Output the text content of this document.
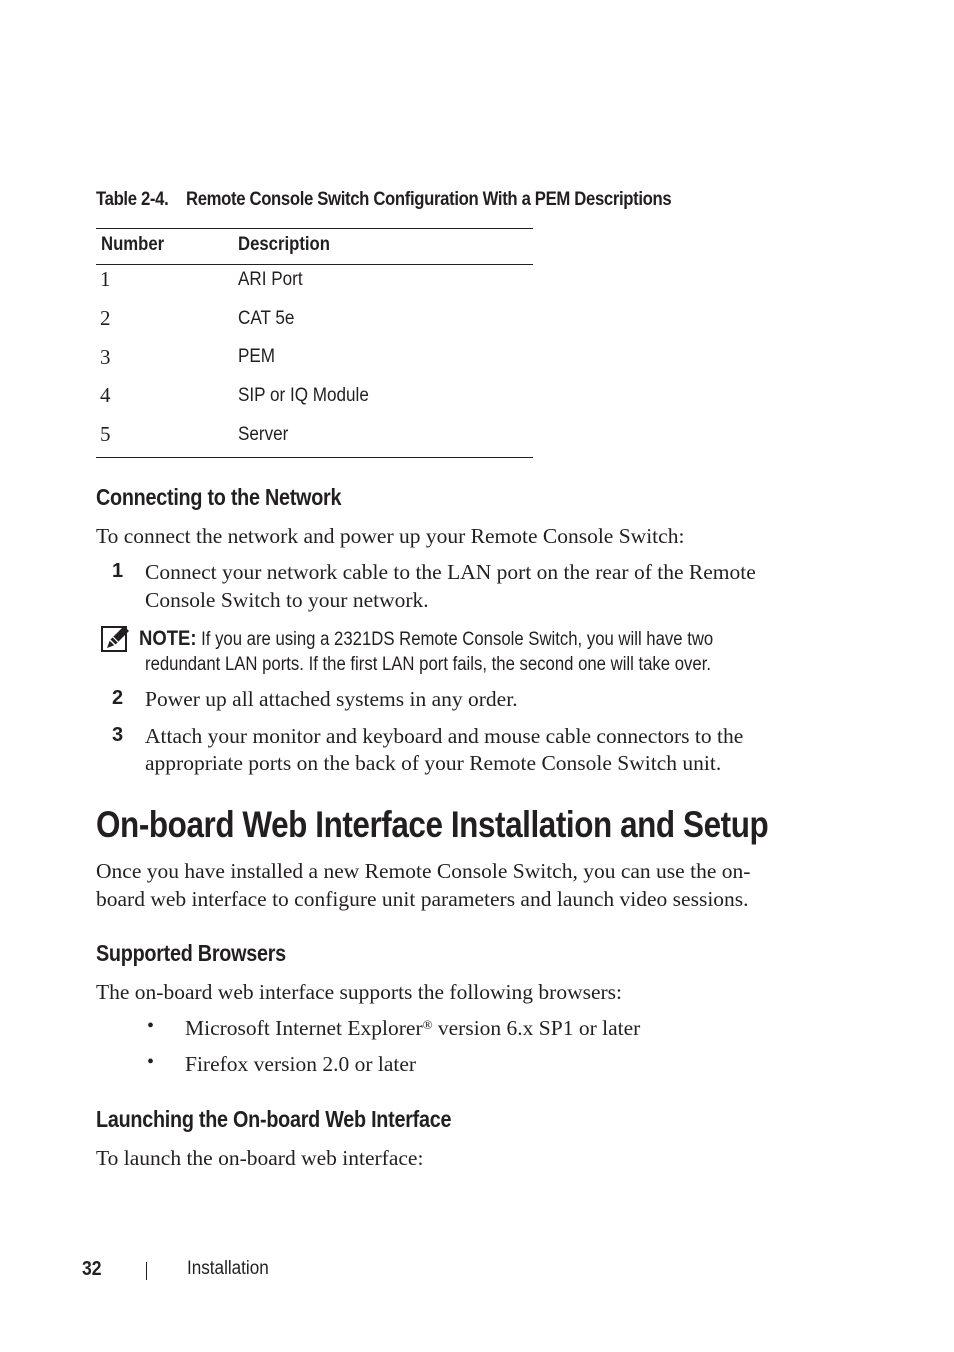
Table 2-4. Remote Console Switch Configuration With a PEM Descriptions
Number	Description
1	ARI Port
2	CAT 5e
3	PEM
4	SIP or IQ Module
5	Server
Connecting to the Network
To connect the network and power up your Remote Console Switch:
1 Connect your network cable to the LAN port on the rear of the Remote
Console Switch to your network.
NOTE: If you are using a 2321DS Remote Console Switch, you will have two
redundant LAN ports. If the first LAN port fails, the second one will take over.
2 Power up all attached systems in any order.
3 Attach your monitor and keyboard and mouse cable connectors to the
appropriate ports on the back of your Remote Console Switch unit.
On-board Web Interface Installation and Setup
Once you have installed a new Remote Console Switch, you can use the on-
board web interface to configure unit parameters and launch video sessions.
Supported Browsers
The on-board web interface supports the following browsers:
• Microsoft Internet Explorer® version 6.x SP1 or later
• Firefox version 2.0 or later
Launching the On-board Web Interface
To launch the on-board web interface:
32	Installation
